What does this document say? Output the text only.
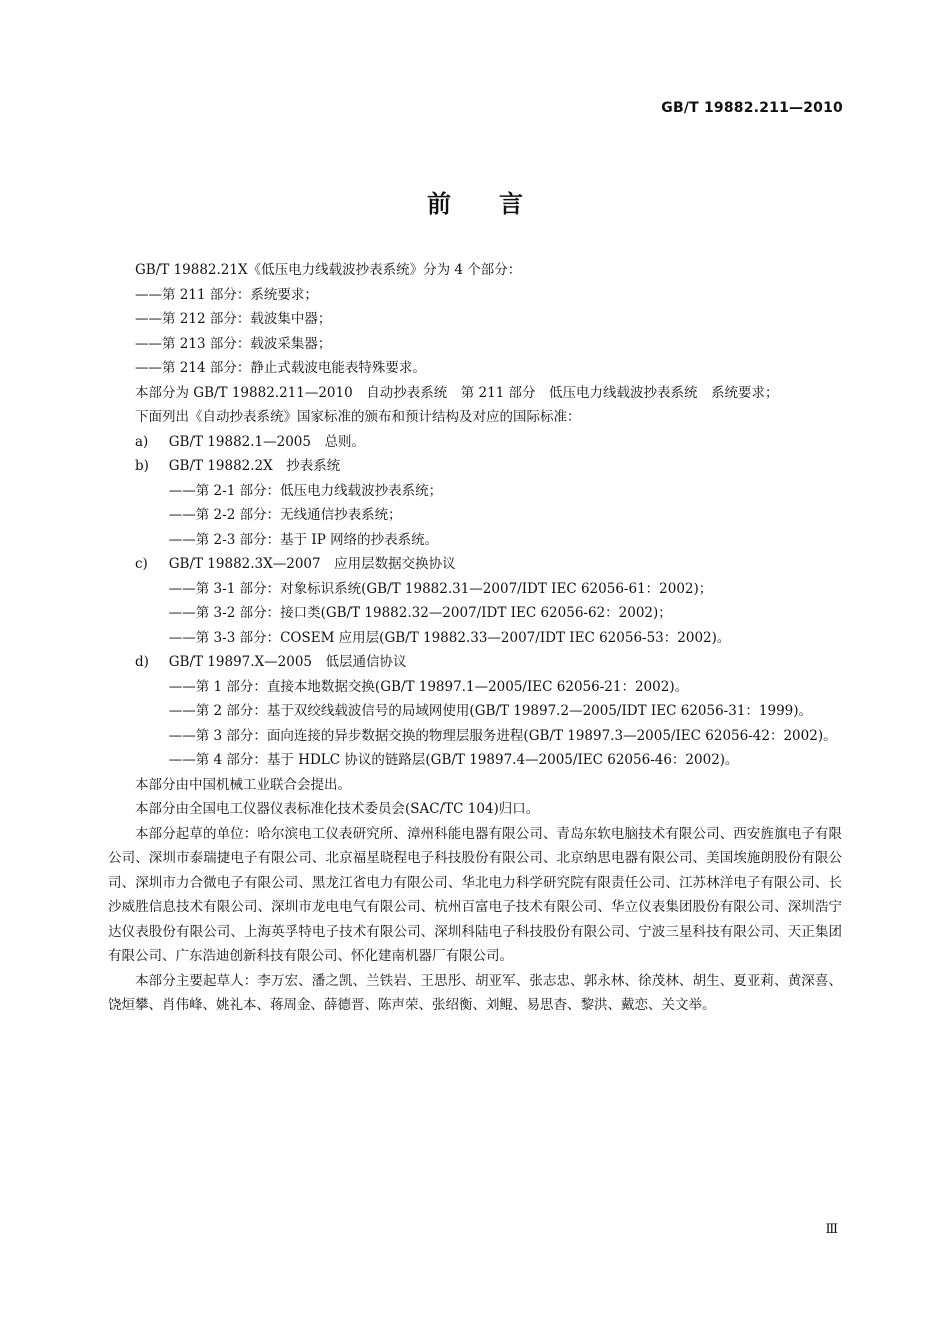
GB/T 19882.211—2010
前言

GB/T 19882.21X《低压电力线载波抄表系统》分为 4 个部分：

——第 211 部分：系统要求；

——第 212 部分：载波集中器；

——第 213 部分：载波采集器；

——第 214 部分：静止式载波电能表特殊要求。

本部分为 GB/T 19882.211—2010　自动抄表系统　第 211 部分　低压电力线载波抄表系统　系统要求；

下面列出《自动抄表系统》国家标准的颁布和预计结构及对应的国际标准：

a) GB/T 19882.1—2005　总则。

b) GB/T 19882.2X　抄表系统

——第 2-1 部分：低压电力线载波抄表系统；

——第 2-2 部分：无线通信抄表系统；

——第 2-3 部分：基于 IP 网络的抄表系统。

c) GB/T 19882.3X—2007　应用层数据交换协议

——第 3-1 部分：对象标识系统(GB/T 19882.31—2007/IDT IEC 62056-61：2002)；

——第 3-2 部分：接口类(GB/T 19882.32—2007/IDT IEC 62056-62：2002)；

——第 3-3 部分：COSEM 应用层(GB/T 19882.33—2007/IDT IEC 62056-53：2002)。

d) GB/T 19897.X—2005　低层通信协议

——第 1 部分：直接本地数据交换(GB/T 19897.1—2005/IEC 62056-21：2002)。

——第 2 部分：基于双绞线载波信号的局域网使用(GB/T 19897.2—2005/IDT IEC 62056-31：1999)。

——第 3 部分：面向连接的异步数据交换的物理层服务进程(GB/T 19897.3—2005/IEC 62056-42：2002)。

——第 4 部分：基于 HDLC 协议的链路层(GB/T 19897.4—2005/IEC 62056-46：2002)。

本部分由中国机械工业联合会提出。

本部分由全国电工仪器仪表标准化技术委员会(SAC/TC 104)归口。

本部分起草的单位：哈尔滨电工仪表研究所、漳州科能电器有限公司、青岛东软电脑技术有限公司、西安旌旗电子有限公司、深圳市泰瑞捷电子有限公司、北京福星晓程电子科技股份有限公司、北京纳思电器有限公司、美国埃施朗股份有限公司、深圳市力合微电子有限公司、黑龙江省电力有限公司、华北电力科学研究院有限责任公司、江苏林洋电子有限公司、长沙威胜信息技术有限公司、深圳市龙电电气有限公司、杭州百富电子技术有限公司、华立仪表集团股份有限公司、深圳浩宁达仪表股份有限公司、上海英孚特电子技术有限公司、深圳科陆电子科技股份有限公司、宁波三星科技有限公司、天正集团有限公司、广东浩迪创新科技有限公司、怀化建南机器厂有限公司。

本部分主要起草人：李万宏、潘之凯、兰铁岩、王思彤、胡亚军、张志忠、郭永林、徐茂林、胡生、夏亚莉、黄深喜、饶烜攀、肖伟峰、姚礼本、蒋周金、薛德晋、陈声荣、张绍衡、刘鲲、易思杳、黎洪、戴恋、关文举。

Ⅲ
